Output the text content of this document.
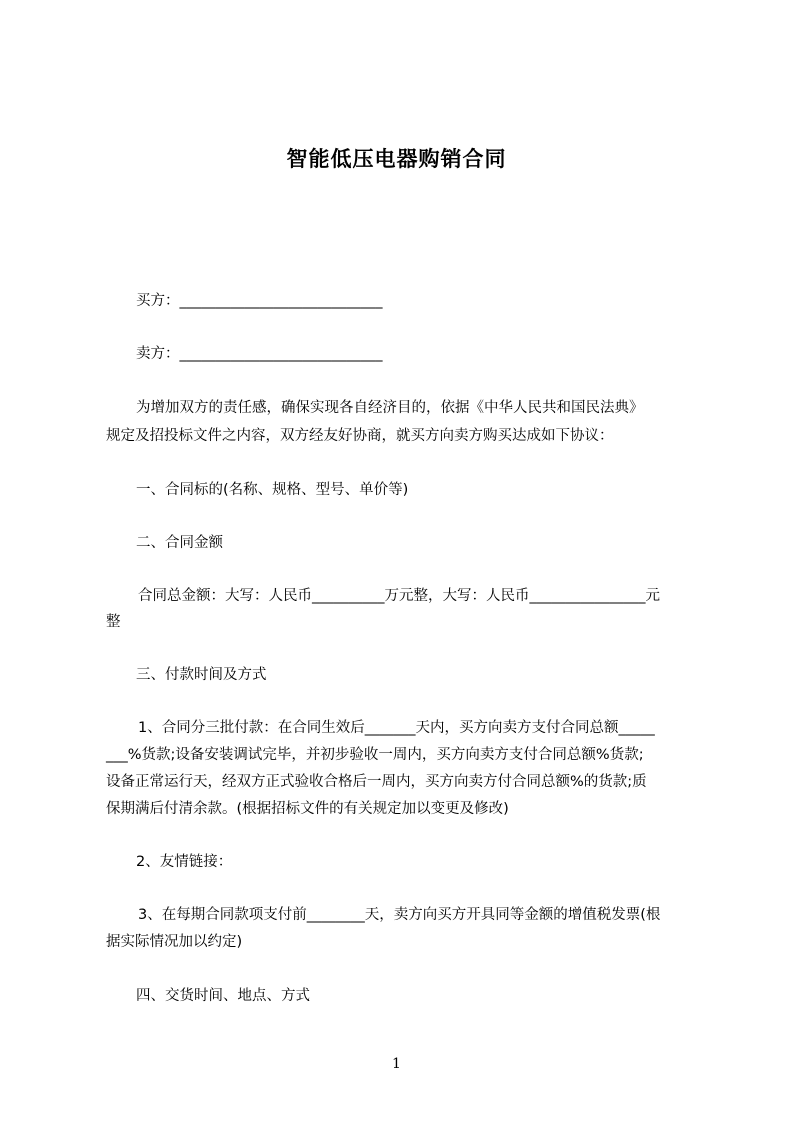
智能低压电器购销合同
买方：____________________________
卖方：____________________________
为增加双方的责任感，确保实现各自经济目的，依据《中华人民共和国民法典》
规定及招投标文件之内容，双方经友好协商，就买方向卖方购买达成如下协议：
一、合同标的(名称、规格、型号、单价等)
二、合同金额
合同总金额：大写：人民币__________万元整，大写：人民币________________元
整
三、付款时间及方式
1、合同分三批付款：在合同生效后_______天内，买方向卖方支付合同总额_____
___%货款;设备安装调试完毕，并初步验收一周内，买方向卖方支付合同总额%货款;
设备正常运行天，经双方正式验收合格后一周内，买方向卖方付合同总额%的货款;质
保期满后付清余款。(根据招标文件的有关规定加以变更及修改)
2、友情链接：
3、在每期合同款项支付前________天，卖方向买方开具同等金额的增值税发票(根
据实际情况加以约定)
四、交货时间、地点、方式
1
